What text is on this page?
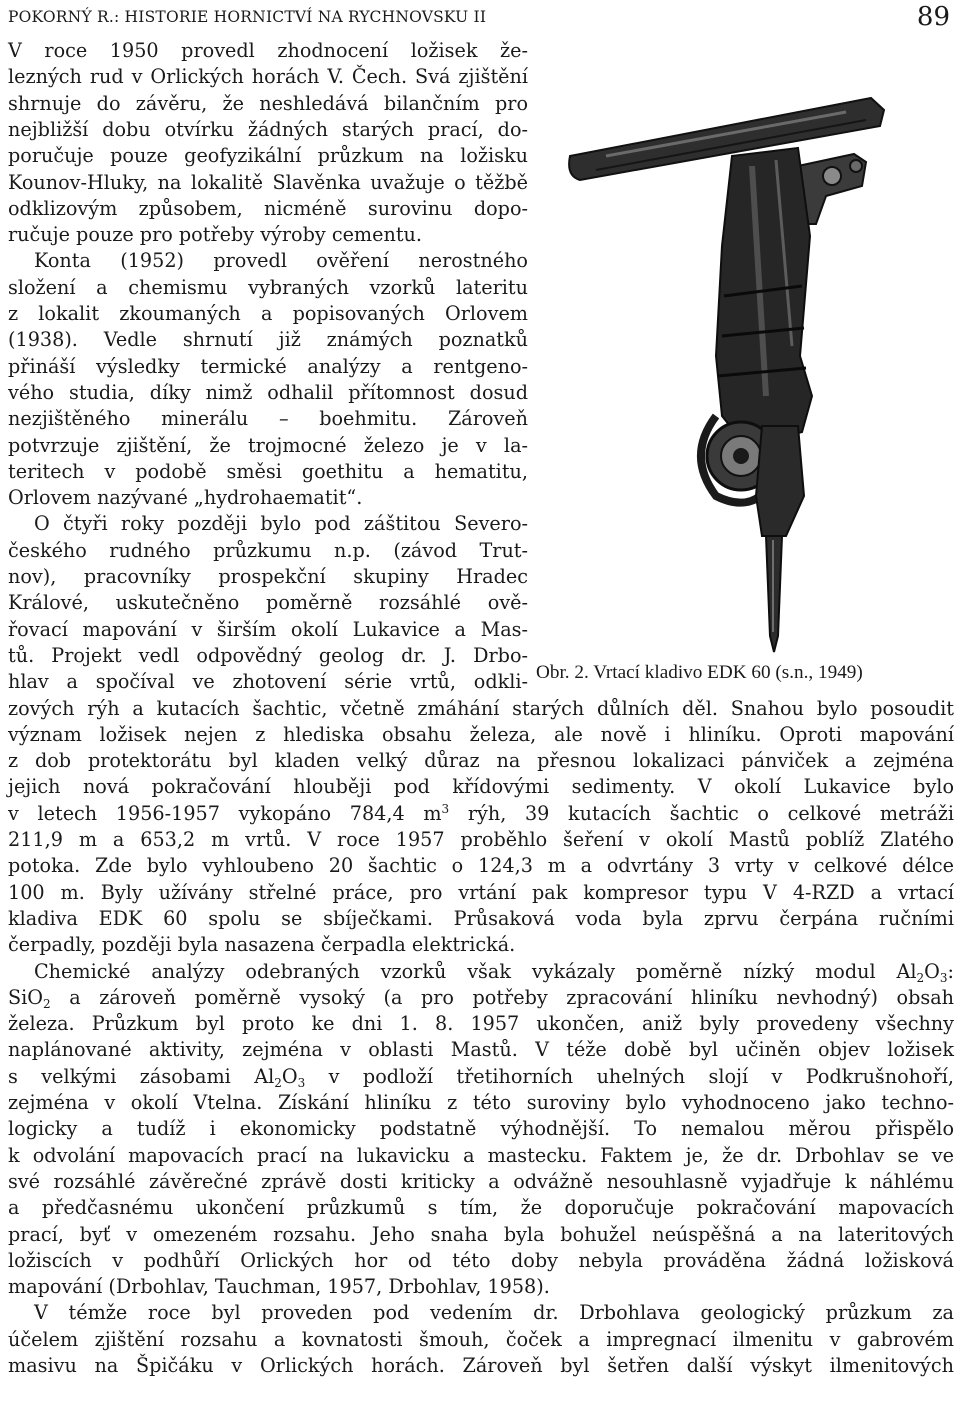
POKORNÝ R.: HISTORIE HORNICTVÍ NA RYCHNOVSKU II	89
V roce 1950 provedl zhodnocení ložisek že-
lezných rud v Orlických horách V. Čech. Svá zjištění
shrnuje do závěru, že neshledává bilančním pro
nejbližší dobu otvírku žádných starých prací, do-
poručuje pouze geofyzikální průzkum na ložisku
Kounov-Hluky, na lokalitě Slavěnka uvažuje o těžbě
odklizovým způsobem, nicméně surovinu dopo-
ručuje pouze pro potřeby výroby cementu.
Konta (1952) provedl ověření nerostného
složení a chemismu vybraných vzorků lateritu
z lokalit zkoumaných a popisovaných Orlovem
(1938). Vedle shrnutí již známých poznatků
přináší výsledky termické analýzy a rentgeno-
vého studia, díky nimž odhalil přítomnost dosud
nezjištěného minerálu – boehmitu. Zároveň
potvrzuje zjištění, že trojmocné železo je v la-
teritech v podobě směsi goethitu a hematitu,
Orlovem nazývané „hydrohaematit“.
O čtyři roky později bylo pod záštitou Severo-
českého rudného průzkumu n.p. (závod Trut-
nov), pracovníky prospekční skupiny Hradec
Králové, uskutečněno poměrně rozsáhlé ově-
řovací mapování v širším okolí Lukavice a Mas-
tů. Projekt vedl odpovědný geolog dr. J. Drbo-
hlav a spočíval ve zhotovení série vrtů, odkli-
zových rýh a kutacích šachtic, včetně zmáhání starých důlních děl. Snahou bylo posoudit
význam ložisek nejen z hlediska obsahu železa, ale nově i hliníku. Oproti mapování
z dob protektorátu byl kladen velký důraz na přesnou lokalizaci pánviček a zejména
jejich nová pokračování hlouběji pod křídovými sedimenty. V okolí Lukavice bylo
v letech 1956-1957 vykopáno 784,4 $m^3$ rýh, 39 kutacích šachtic o celkové metráži
211,9 m a 653,2 m vrtů. V roce 1957 proběhlo šeření v okolí Mastů poblíž Zlatého
potoka. Zde bylo vyhloubeno 20 šachtic o 124,3 m a odvrtány 3 vrty v celkové délce
100 m. Byly užívány střelné práce, pro vrtání pak kompresor typu V 4-RZD a vrtací
kladiva EDK 60 spolu se sbíječkami. Průsaková voda byla zprvu čerpána ručními
čerpadly, později byla nasazena čerpadla elektrická.
Chemické analýzy odebraných vzorků však vykázaly poměrně nízký modul $Al_2O_3$:
SiO$_2$ a zároveň poměrně vysoký (a pro potřeby zpracování hliníku nevhodný) obsah
železa. Průzkum byl proto ke dni 1. 8. 1957 ukončen, aniž byly provedeny všechny
naplánované aktivity, zejména v oblasti Mastů. V téže době byl učiněn objev ložisek
s velkými zásobami $Al_2O_3$ v podloží třetihorních uhelných slojí v Podkrušnohoří,
zejména v okolí Vtelna. Získání hliníku z této suroviny bylo vyhodnoceno jako techno-
logicky a tudíž i ekonomicky podstatně výhodnější. To nemalou měrou přispělo
k odvolání mapovacích prací na lukavicku a mastecku. Faktem je, že dr. Drbohlav se ve
své rozsáhlé závěrečné zprávě dosti kriticky a odvážně nesouhlasně vyjadřuje k náhlému
a předčasnému ukončení průzkumů s tím, že doporučuje pokračování mapovacích
prací, byť v omezeném rozsahu. Jeho snaha byla bohužel neúspěšná a na lateritových
ložiscích v podhůří Orlických hor od této doby nebyla prováděna žádná ložisková
mapování (Drbohlav, Tauchman, 1957, Drbohlav, 1958).
V témže roce byl proveden pod vedením dr. Drbohlava geologický průzkum za
účelem zjištění rozsahu a kovnatosti šmouh, čoček a impregnací ilmenitu v gabrovém
masivu na Špičáku v Orlických horách. Zároveň byl šetřen další výskyt ilmenitových
Obr. 2. Vrtací kladivo EDK 60 (s.n., 1949)
